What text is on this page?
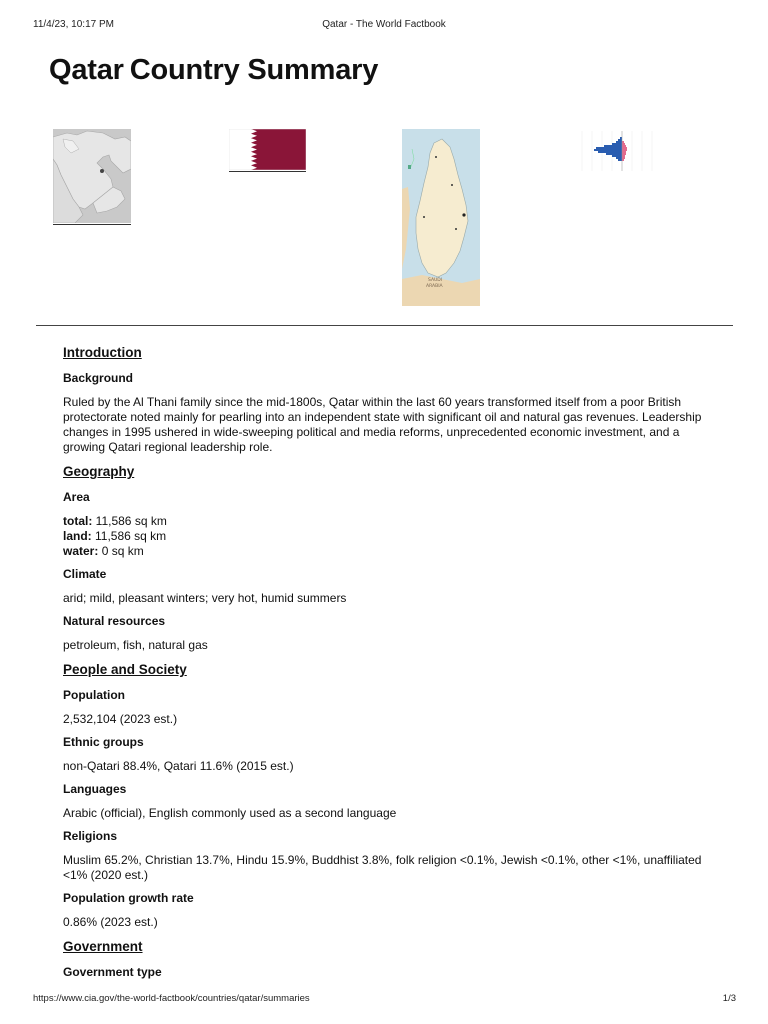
11/4/23, 10:17 PM	Qatar - The World Factbook
Qatar Country Summary
SAUDI
ARABIA
Introduction
Background
Ruled by the Al Thani family since the mid-1800s, Qatar within the last 60 years transformed itself from a poor British protectorate noted mainly for pearling into an independent state with significant oil and natural gas revenues. Leadership changes in 1995 ushered in wide-sweeping political and media reforms, unprecedented economic investment, and a growing Qatari regional leadership role.
Geography
Area
total: 11,586 sq km
land: 11,586 sq km
water: 0 sq km
Climate
arid; mild, pleasant winters; very hot, humid summers
Natural resources
petroleum, fish, natural gas
People and Society
Population
2,532,104 (2023 est.)
Ethnic groups
non-Qatari 88.4%, Qatari 11.6% (2015 est.)
Languages
Arabic (official), English commonly used as a second language
Religions
Muslim 65.2%, Christian 13.7%, Hindu 15.9%, Buddhist 3.8%, folk religion <0.1%, Jewish <0.1%, other <1%, unaffiliated <1% (2020 est.)
Population growth rate
0.86% (2023 est.)
Government
Government type
https://www.cia.gov/the-world-factbook/countries/qatar/summaries	1/3
